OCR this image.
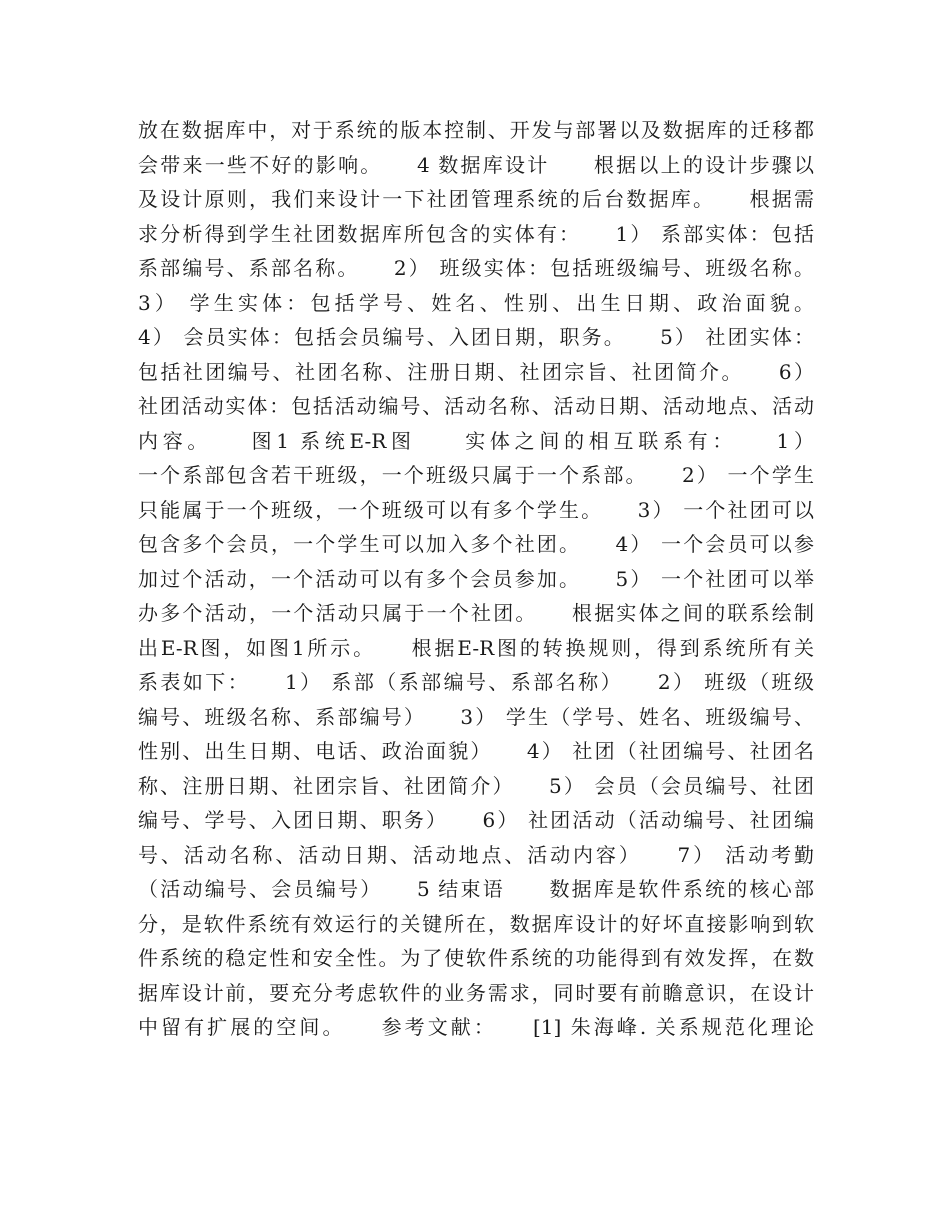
放在数据库中，对于系统的版本控制、开发与部署以及数据库的迁移都
会带来一些不好的影响。　　4 数据库设计　　根据以上的设计步骤以
及设计原则，我们来设计一下社团管理系统的后台数据库。　　根据需
求分析得到学生社团数据库所包含的实体有：　　1） 系部实体：包括
系部编号、系部名称。　　2） 班级实体：包括班级编号、班级名称。
3） 学生实体：包括学号、姓名、性别、出生日期、政治面貌。
4） 会员实体：包括会员编号、入团日期，职务。　　5） 社团实体：
包括社团编号、社团名称、注册日期、社团宗旨、社团简介。　　6）
社团活动实体：包括活动编号、活动名称、活动日期、活动地点、活动
内容。　　图1 系统E-R图　　实体之间的相互联系有：　　1）
一个系部包含若干班级，一个班级只属于一个系部。　　2） 一个学生
只能属于一个班级，一个班级可以有多个学生。　　3） 一个社团可以
包含多个会员，一个学生可以加入多个社团。　　4） 一个会员可以参
加过个活动，一个活动可以有多个会员参加。　　5） 一个社团可以举
办多个活动，一个活动只属于一个社团。　　根据实体之间的联系绘制
出E-R图，如图1所示。　　根据E-R图的转换规则，得到系统所有关
系表如下：　　1） 系部（系部编号、系部名称）　　2） 班级（班级
编号、班级名称、系部编号）　　3） 学生（学号、姓名、班级编号、
性别、出生日期、电话、政治面貌）　　4） 社团（社团编号、社团名
称、注册日期、社团宗旨、社团简介）　　5） 会员（会员编号、社团
编号、学号、入团日期、职务）　　6） 社团活动（活动编号、社团编
号、活动名称、活动日期、活动地点、活动内容）　　7） 活动考勤
（活动编号、会员编号）　　5 结束语　　数据库是软件系统的核心部
分，是软件系统有效运行的关键所在，数据库设计的好坏直接影响到软
件系统的稳定性和安全性。为了使软件系统的功能得到有效发挥，在数
据库设计前，要充分考虑软件的业务需求，同时要有前瞻意识，在设计
中留有扩展的空间。　　参考文献：　　[1] 朱海峰. 关系规范化理论
